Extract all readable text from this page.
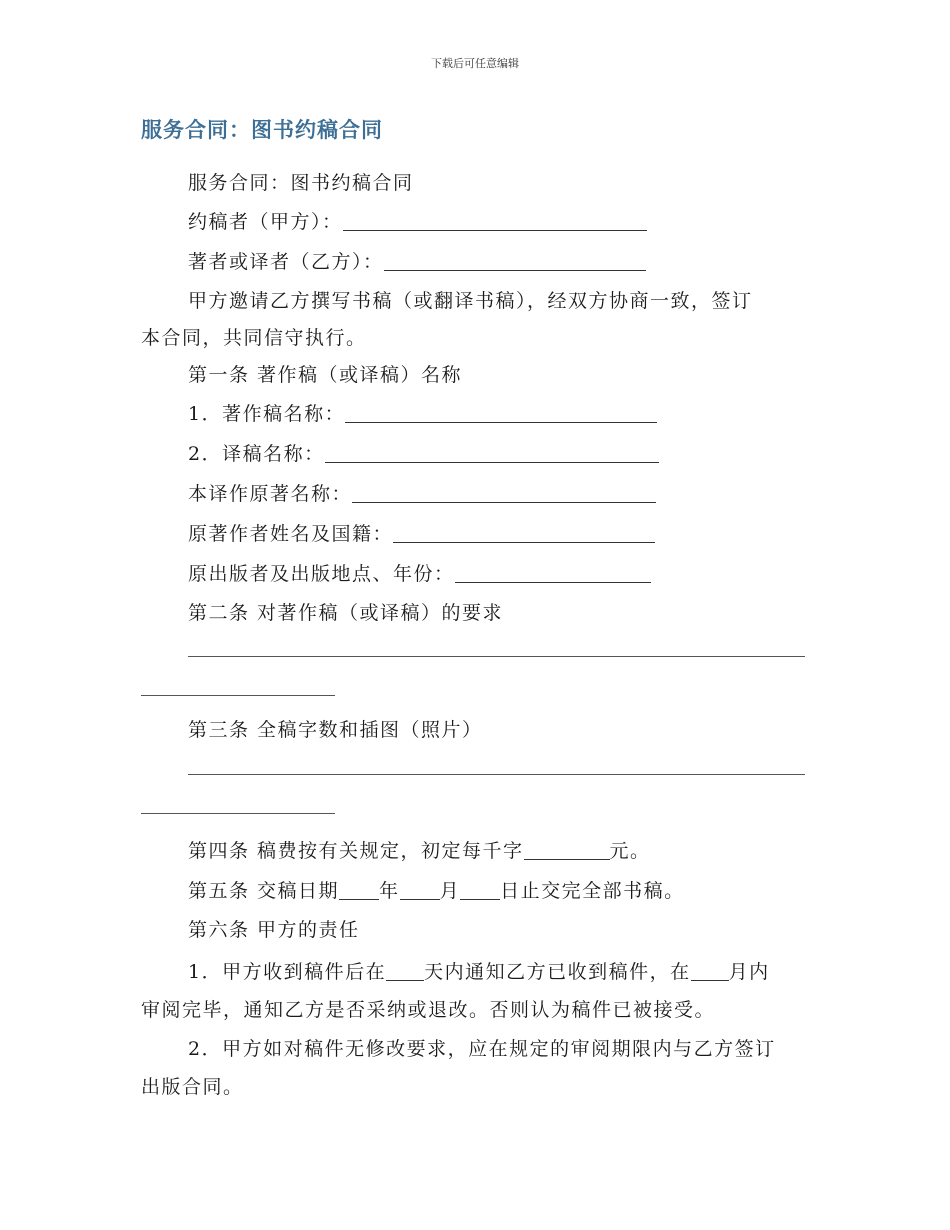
下载后可任意编辑
服务合同：图书约稿合同
服务合同：图书约稿合同
约稿者（甲方）：
著者或译者（乙方）：
甲方邀请乙方撰写书稿（或翻译书稿），经双方协商一致，签订
本合同，共同信守执行。
第一条 著作稿（或译稿）名称
1．著作稿名称：
2．译稿名称：
本译作原著名称：
原著作者姓名及国籍：
原出版者及出版地点、年份：
第二条 对著作稿（或译稿）的要求
第三条 全稿字数和插图（照片）
第四条 稿费按有关规定，初定每千字	元。
第五条 交稿日期 年 月 日止交完全部书稿。
第六条 甲方的责任
1．甲方收到稿件后在 天内通知乙方已收到稿件，在 月内
审阅完毕，通知乙方是否采纳或退改。否则认为稿件已被接受。
2．甲方如对稿件无修改要求，应在规定的审阅期限内与乙方签订
出版合同。
